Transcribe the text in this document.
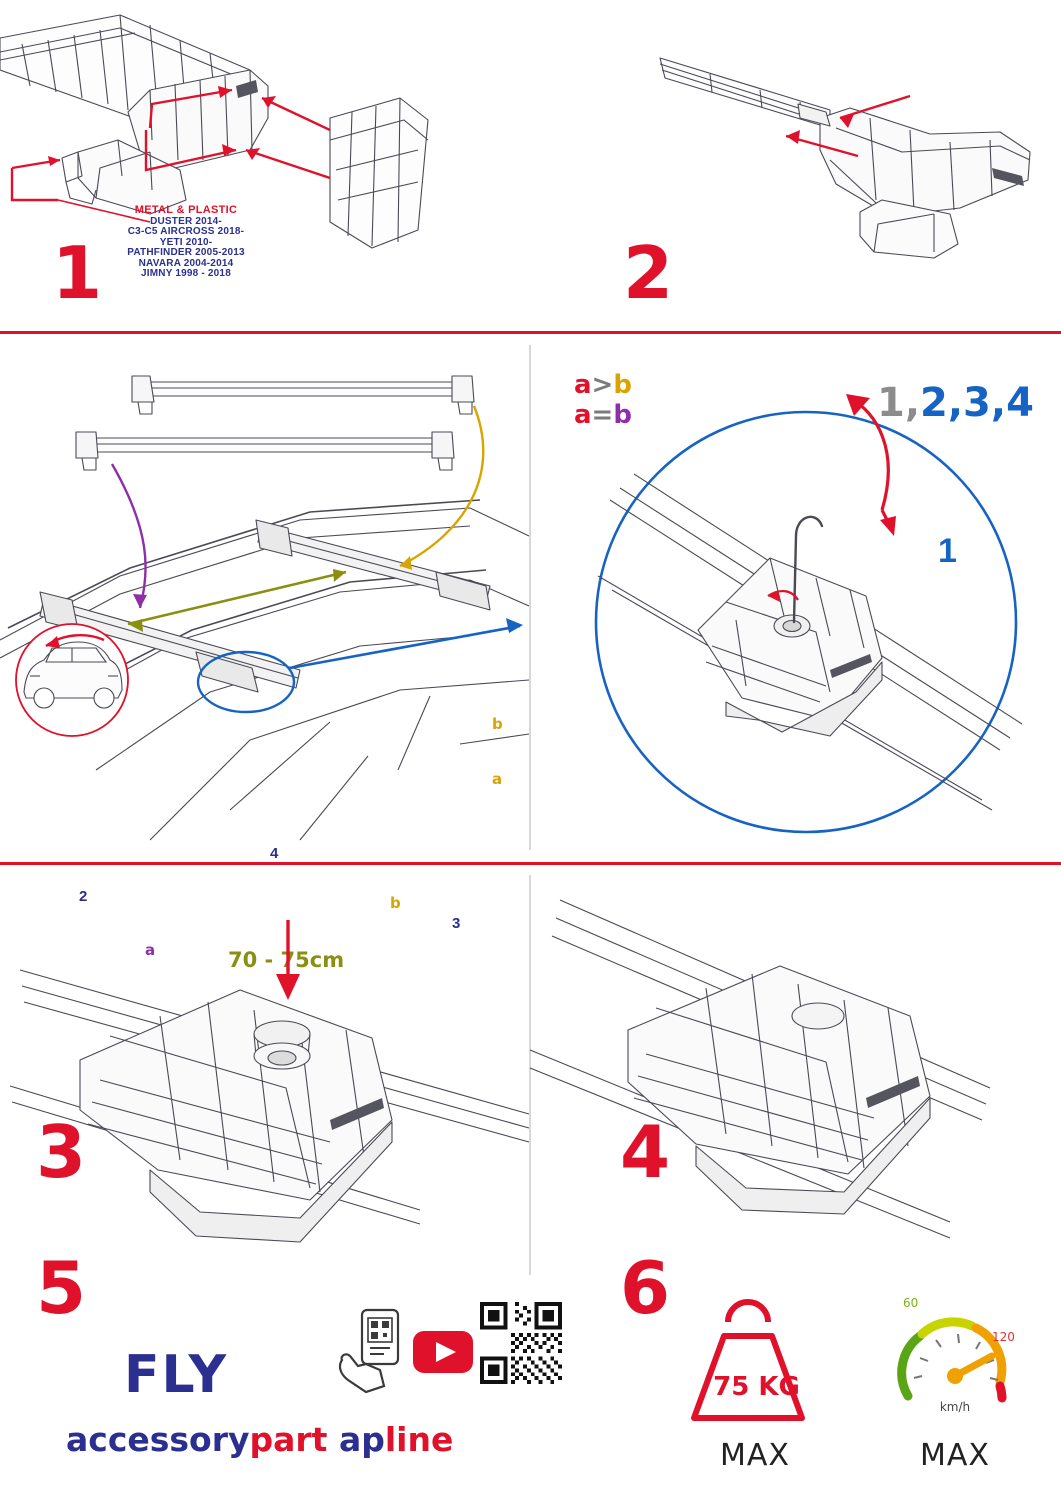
METAL & PLASTIC
DUSTER 2014-
C3-C5 AIRCROSS 2018-
YETI 2010-
PATHFINDER 2005-2013
NAVARA 2004-2014
JIMNY 1998 - 2018
1	2
a>b
a=b
b
a
a
b
2
4
3
70 - 75cm
3
1,2,3,4
1
4
5	6
FLY
accessorypart apline
75 KG
MAX
60
120
km/h
MAX
